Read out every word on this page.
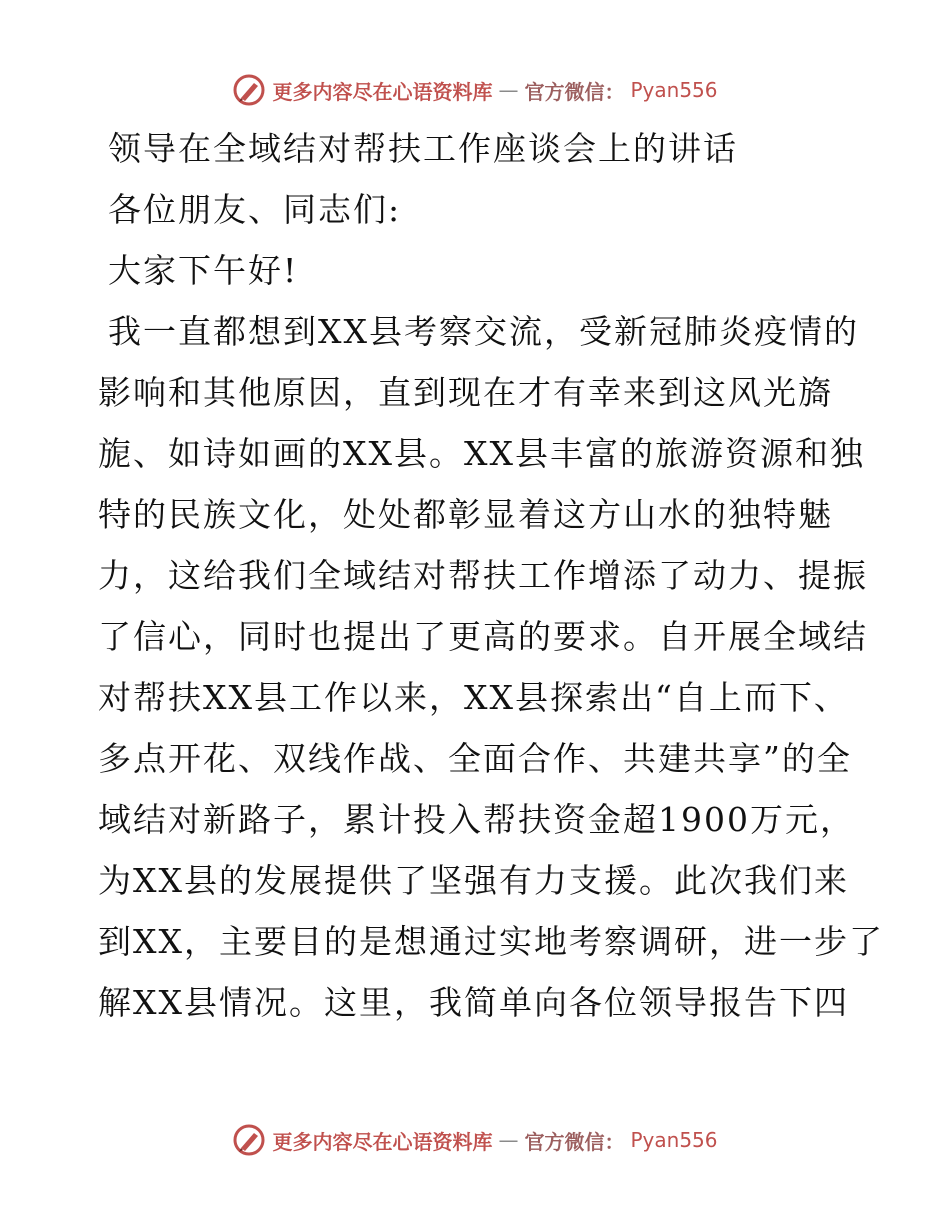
更多内容尽在心语资料库 — 官方微信： Pyan556
领导在全域结对帮扶工作座谈会上的讲话
各位朋友、同志们:
大家下午好!
我一直都想到XX县考察交流，受新冠肺炎疫情的
影响和其他原因，直到现在才有幸来到这风光旖
旎、如诗如画的XX县。XX县丰富的旅游资源和独
特的民族文化，处处都彰显着这方山水的独特魅
力，这给我们全域结对帮扶工作增添了动力、提振
了信心，同时也提出了更高的要求。自开展全域结
对帮扶XX县工作以来，XX县探索出“自上而下、
多点开花、双线作战、全面合作、共建共享”的全
域结对新路子，累计投入帮扶资金超1900万元，
为XX县的发展提供了坚强有力支援。此次我们来
到XX，主要目的是想通过实地考察调研，进一步了
解XX县情况。这里，我简单向各位领导报告下四
更多内容尽在心语资料库 — 官方微信： Pyan556
